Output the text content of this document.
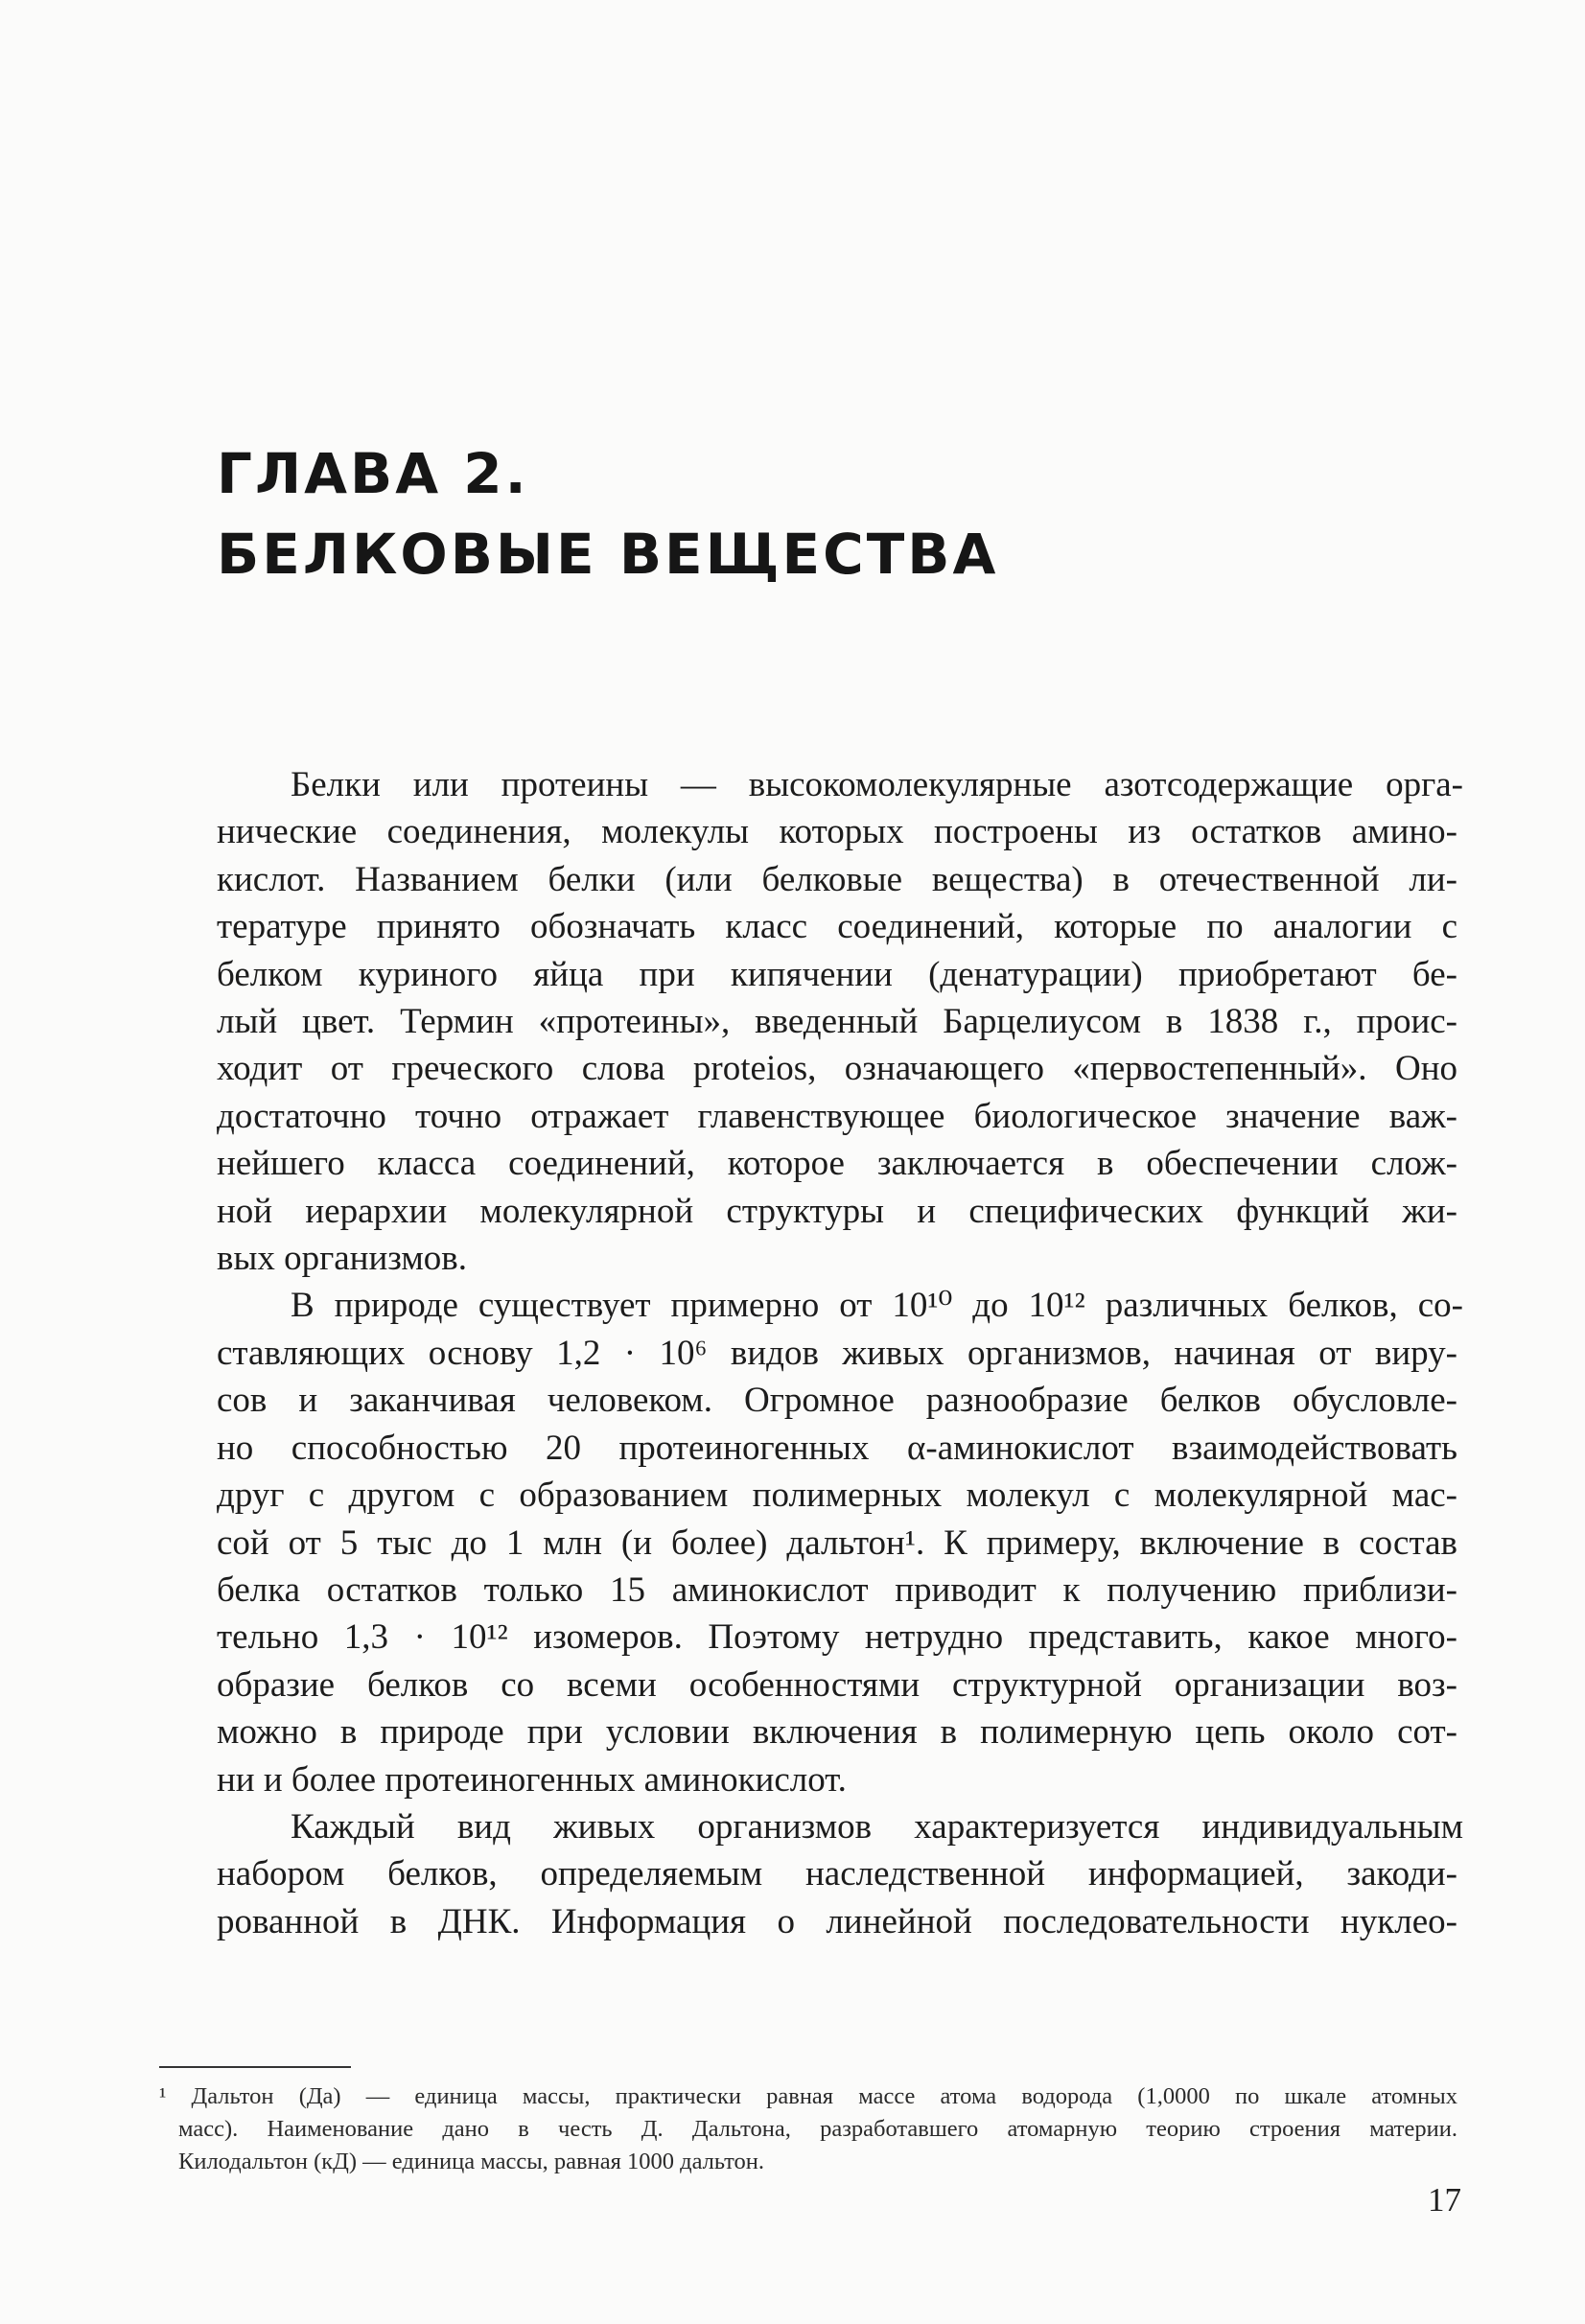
ГЛАВА 2.
БЕЛКОВЫЕ ВЕЩЕСТВА

Белки или протеины — высокомолекулярные азотсодержащие орга-
нические соединения, молекулы которых построены из остатков амино-
кислот. Названием белки (или белковые вещества) в отечественной ли-
тературе принято обозначать класс соединений, которые по аналогии с
белком куриного яйца при кипячении (денатурации) приобретают бе-
лый цвет. Термин «протеины», введенный Барцелиусом в 1838 г., проис-
ходит от греческого слова proteios, означающего «первостепенный». Оно
достаточно точно отражает главенствующее биологическое значение важ-
нейшего класса соединений, которое заключается в обеспечении слож-
ной иерархии молекулярной структуры и специфических функций жи-
вых организмов.

В природе существует примерно от 10¹⁰ до 10¹² различных белков, со-
ставляющих основу 1,2 · 10⁶ видов живых организмов, начиная от виру-
сов и заканчивая человеком. Огромное разнообразие белков обусловле-
но способностью 20 протеиногенных α-аминокислот взаимодействовать
друг с другом с образованием полимерных молекул с молекулярной мас-
сой от 5 тыс до 1 млн (и более) дальтон¹. К примеру, включение в состав
белка остатков только 15 аминокислот приводит к получению приблизи-
тельно 1,3 · 10¹² изомеров. Поэтому нетрудно представить, какое много-
образие белков со всеми особенностями структурной организации воз-
можно в природе при условии включения в полимерную цепь около сот-
ни и более протеиногенных аминокислот.

Каждый вид живых организмов характеризуется индивидуальным
набором белков, определяемым наследственной информацией, закоди-
рованной в ДНК. Информация о линейной последовательности нуклео-

¹ Дальтон (Да) — единица массы, практически равная массе атома водорода (1,0000 по шкале атомных
масс). Наименование дано в честь Д. Дальтона, разработавшего атомарную теорию строения материи.
Килодальтон (кД) — единица массы, равная 1000 дальтон.
17
